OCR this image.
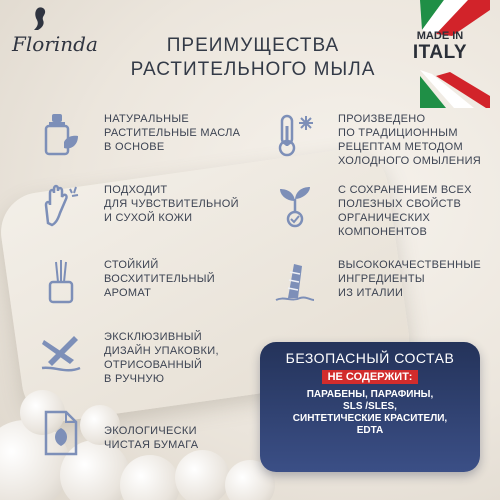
Florinda	ПРЕИМУЩЕСТВА
РАСТИТЕЛЬНОГО МЫЛА
MADE IN
ITALY
НАТУРАЛЬНЫЕ
РАСТИТЕЛЬНЫЕ МАСЛА
В ОСНОВЕ
ПОДХОДИТ
ДЛЯ ЧУВСТВИТЕЛЬНОЙ
И СУХОЙ КОЖИ
СТОЙКИЙ
ВОСХИТИТЕЛЬНЫЙ
АРОМАТ
ЭКСКЛЮЗИВНЫЙ
ДИЗАЙН УПАКОВКИ,
ОТРИСОВАННЫЙ
В РУЧНУЮ
ЭКОЛОГИЧЕСКИ
ЧИСТАЯ БУМАГА
ПРОИЗВЕДЕНО
ПО ТРАДИЦИОННЫМ
РЕЦЕПТАМ МЕТОДОМ
ХОЛОДНОГО ОМЫЛЕНИЯ
С СОХРАНЕНИЕМ ВСЕХ
ПОЛЕЗНЫХ СВОЙСТВ
ОРГАНИЧЕСКИХ
КОМПОНЕНТОВ
ВЫСОКОКАЧЕСТВЕННЫЕ
ИНГРЕДИЕНТЫ
ИЗ ИТАЛИИ
БЕЗОПАСНЫЙ СОСТАВ
НЕ СОДЕРЖИТ:
ПАРАБЕНЫ, ПАРАФИНЫ,
SLS /SLES,
СИНТЕТИЧЕСКИЕ КРАСИТЕЛИ,
EDTA
